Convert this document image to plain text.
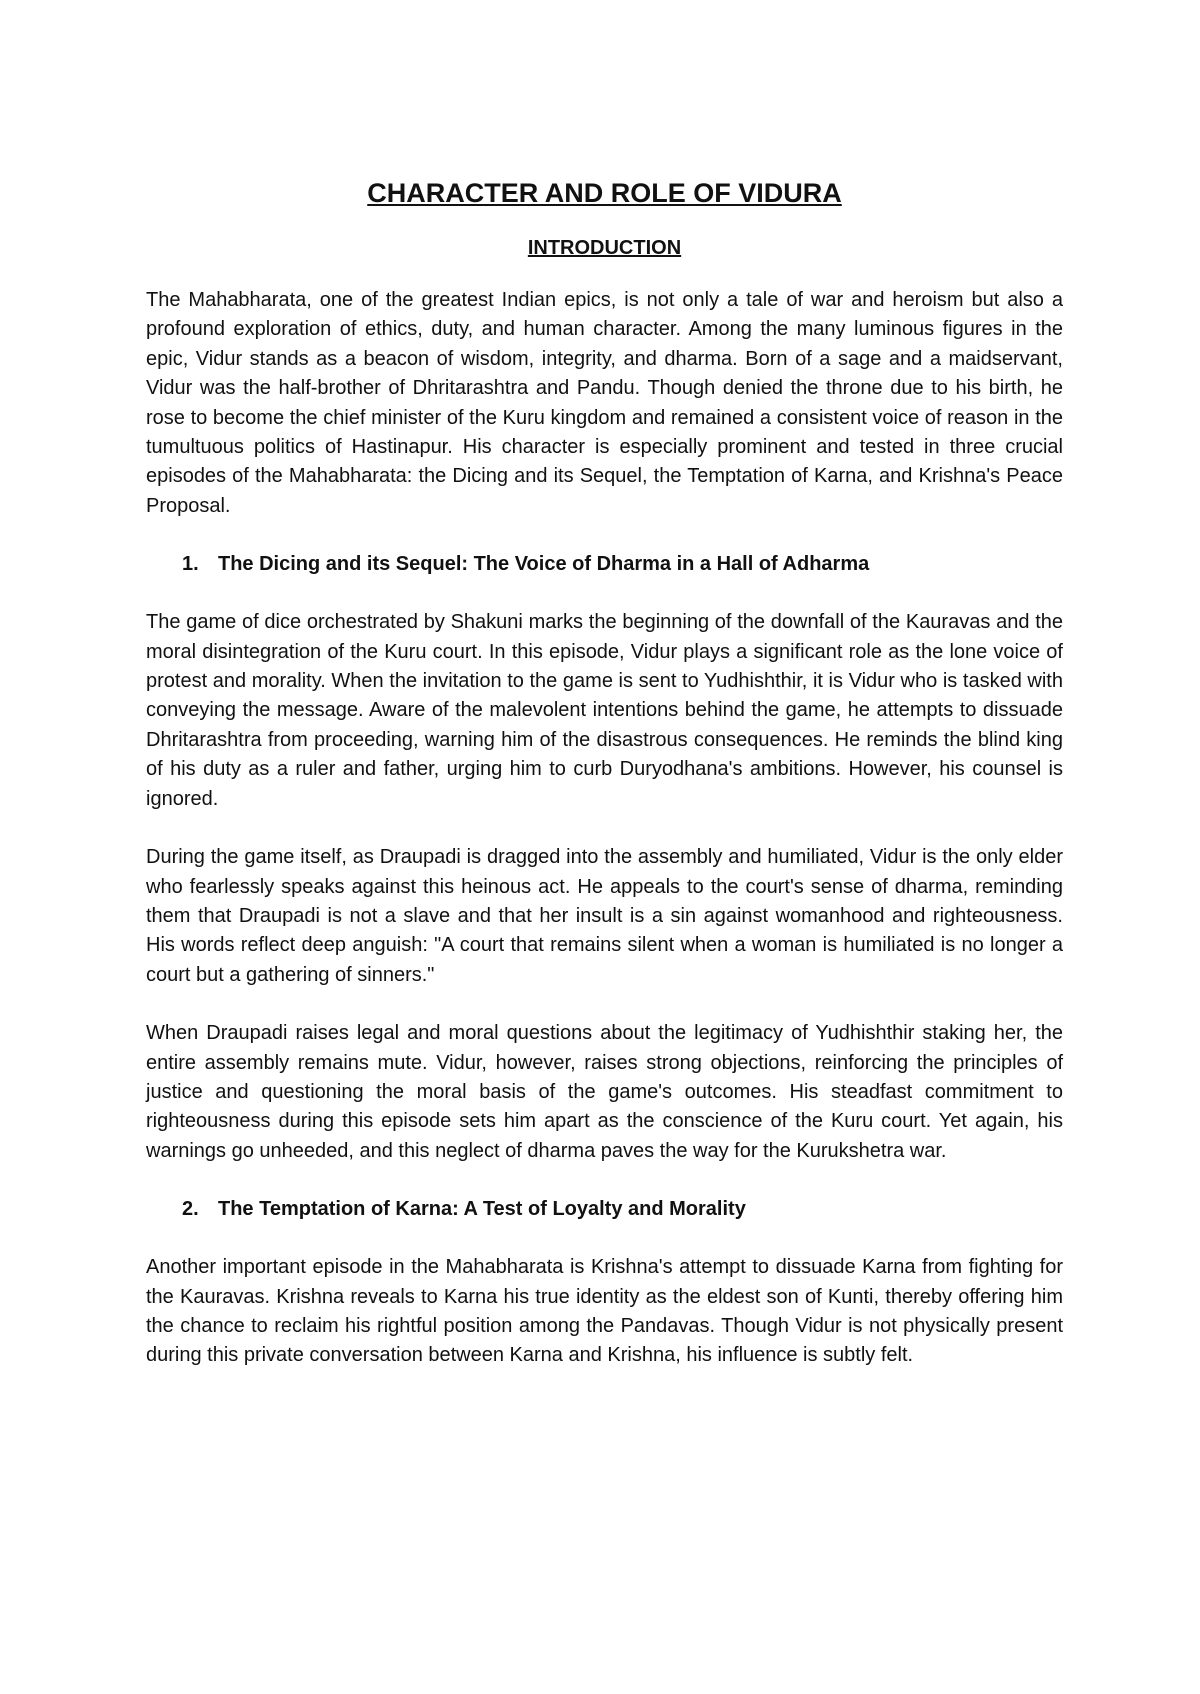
CHARACTER AND ROLE OF VIDURA
INTRODUCTION

The Mahabharata, one of the greatest Indian epics, is not only a tale of war and heroism but also a profound exploration of ethics, duty, and human character. Among the many luminous figures in the epic, Vidur stands as a beacon of wisdom, integrity, and dharma. Born of a sage and a maidservant, Vidur was the half-brother of Dhritarashtra and Pandu. Though denied the throne due to his birth, he rose to become the chief minister of the Kuru kingdom and remained a consistent voice of reason in the tumultuous politics of Hastinapur. His character is especially prominent and tested in three crucial episodes of the Mahabharata: the Dicing and its Sequel, the Temptation of Karna, and Krishna's Peace Proposal.

1. The Dicing and its Sequel: The Voice of Dharma in a Hall of Adharma

The game of dice orchestrated by Shakuni marks the beginning of the downfall of the Kauravas and the moral disintegration of the Kuru court. In this episode, Vidur plays a significant role as the lone voice of protest and morality. When the invitation to the game is sent to Yudhishthir, it is Vidur who is tasked with conveying the message. Aware of the malevolent intentions behind the game, he attempts to dissuade Dhritarashtra from proceeding, warning him of the disastrous consequences. He reminds the blind king of his duty as a ruler and father, urging him to curb Duryodhana's ambitions. However, his counsel is ignored.

During the game itself, as Draupadi is dragged into the assembly and humiliated, Vidur is the only elder who fearlessly speaks against this heinous act. He appeals to the court's sense of dharma, reminding them that Draupadi is not a slave and that her insult is a sin against womanhood and righteousness. His words reflect deep anguish: "A court that remains silent when a woman is humiliated is no longer a court but a gathering of sinners."

When Draupadi raises legal and moral questions about the legitimacy of Yudhishthir staking her, the entire assembly remains mute. Vidur, however, raises strong objections, reinforcing the principles of justice and questioning the moral basis of the game's outcomes. His steadfast commitment to righteousness during this episode sets him apart as the conscience of the Kuru court. Yet again, his warnings go unheeded, and this neglect of dharma paves the way for the Kurukshetra war.

2. The Temptation of Karna: A Test of Loyalty and Morality

Another important episode in the Mahabharata is Krishna's attempt to dissuade Karna from fighting for the Kauravas. Krishna reveals to Karna his true identity as the eldest son of Kunti, thereby offering him the chance to reclaim his rightful position among the Pandavas. Though Vidur is not physically present during this private conversation between Karna and Krishna, his influence is subtly felt.
